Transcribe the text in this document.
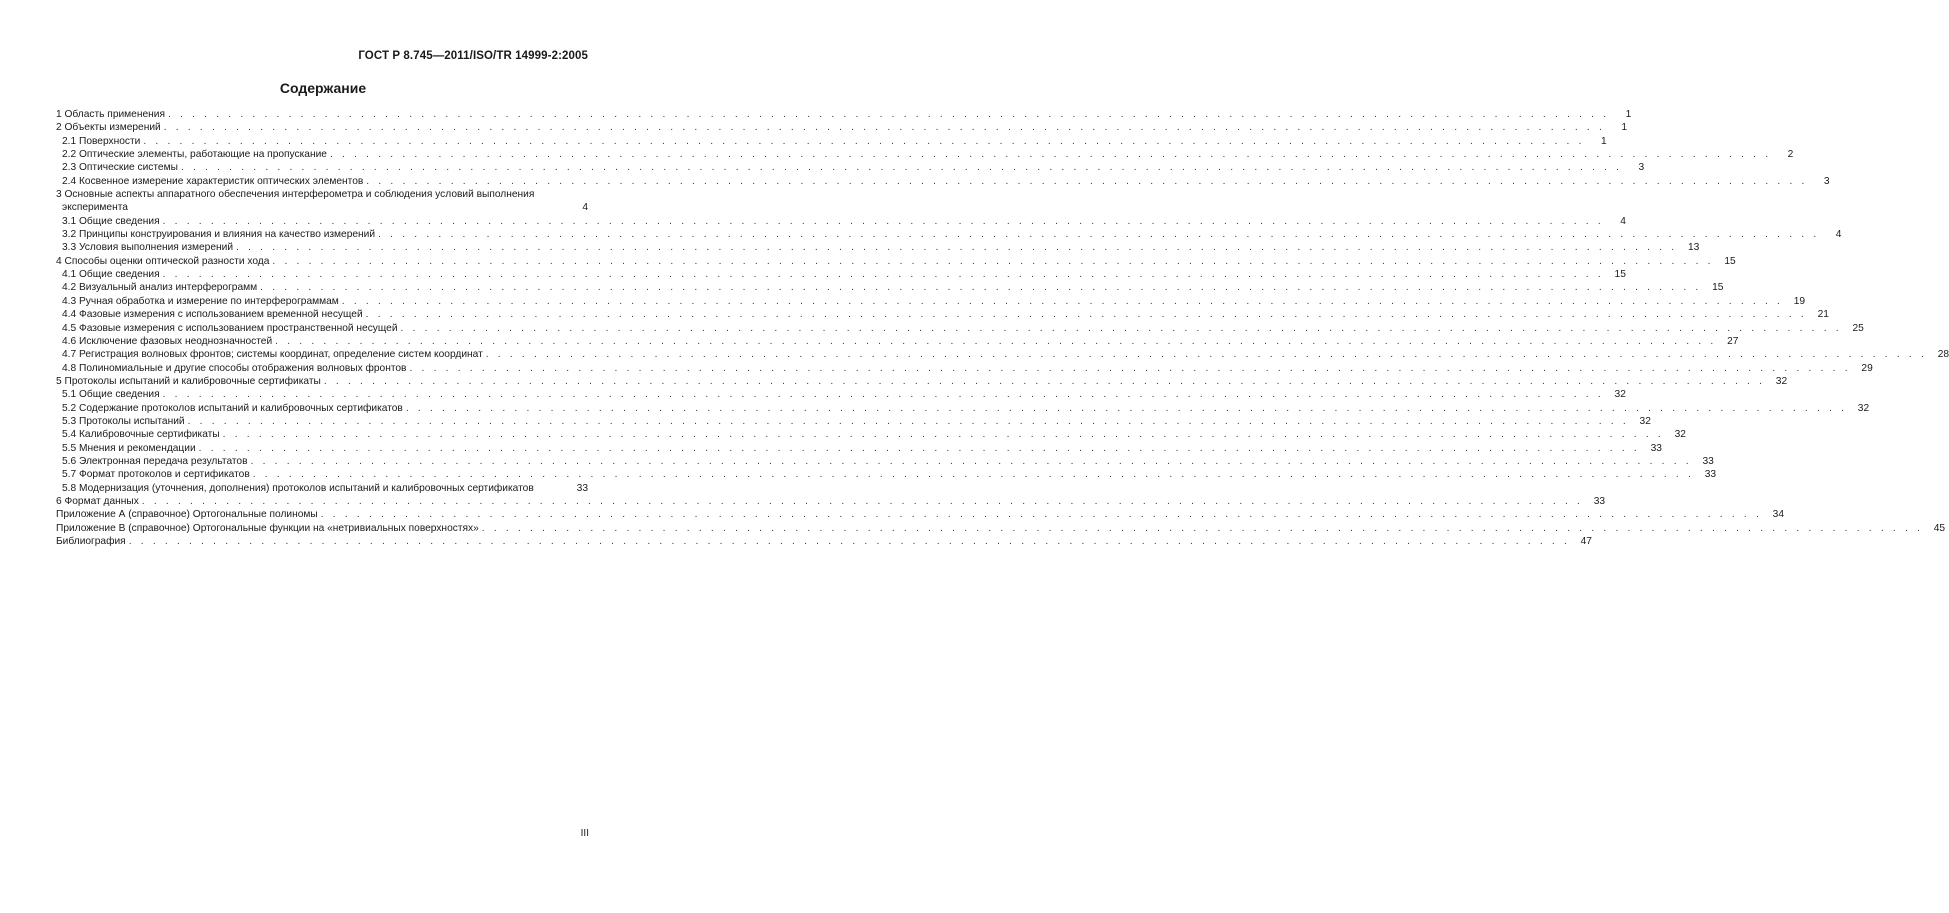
ГОСТ Р 8.745—2011/ISO/TR 14999-2:2005
Содержание
1 Область применения . . . . . . . . . . . . . . . . . . . . . . . . . . . . . . . . . . . . . . . . . . . . . . . . . . . . . . . . . . . . . . . . . . . . . . . . . . . . . . . . . . . . . . . . . . . . . . . . . . . . . . . . . . . . . . . . . . . . . . . .	1
2 Объекты измерений . . . . . . . . . . . . . . . . . . . . . . . . . . . . . . . . . . . . . . . . . . . . . . . . . . . . . . . . . . . . . . . . . . . . . . . . . . . . . . . . . . . . . . . . . . . . . . . . . . . . . . . . . . . . . . . . . . . . . . . .	1
2.1 Поверхности . . . . . . . . . . . . . . . . . . . . . . . . . . . . . . . . . . . . . . . . . . . . . . . . . . . . . . . . . . . . . . . . . . . . . . . . . . . . . . . . . . . . . . . . . . . . . . . . . . . . . . . . . . . . . . . . . . . . . . . .	1
2.2 Оптические элементы, работающие на пропускание . . . . . . . . . . . . . . . . . . . . . . . . . . . . . . . . . . . . . . . . . . . . . . . . . . . . . . . . . . . . . . . . . . . . . . . . . . . . . . . . . . . . . . . . . . . . . . . . . . . . . . . . . . . . . . . . . . . . . . . .	2
2.3 Оптические системы . . . . . . . . . . . . . . . . . . . . . . . . . . . . . . . . . . . . . . . . . . . . . . . . . . . . . . . . . . . . . . . . . . . . . . . . . . . . . . . . . . . . . . . . . . . . . . . . . . . . . . . . . . . . . . . . . . . . . . . .	3
2.4 Косвенное измерение характеристик оптических элементов . . . . . . . . . . . . . . . . . . . . . . . . . . . . . . . . . . . . . . . . . . . . . . . . . . . . . . . . . . . . . . . . . . . . . . . . . . . . . . . . . . . . . . . . . . . . . . . . . . . . . . . . . . . . . . . . . . . . . . . .	3
3 Основные аспекты аппаратного обеспечения интерферометра и соблюдения условий выполнения
эксперимента	4
3.1 Общие сведения . . . . . . . . . . . . . . . . . . . . . . . . . . . . . . . . . . . . . . . . . . . . . . . . . . . . . . . . . . . . . . . . . . . . . . . . . . . . . . . . . . . . . . . . . . . . . . . . . . . . . . . . . . . . . . . . . . . . . . . .	4
3.2 Принципы конструирования и влияния на качество измерений . . . . . . . . . . . . . . . . . . . . . . . . . . . . . . . . . . . . . . . . . . . . . . . . . . . . . . . . . . . . . . . . . . . . . . . . . . . . . . . . . . . . . . . . . . . . . . . . . . . . . . . . . . . . . . . . . . . . . . . .	4
3.3 Условия выполнения измерений . . . . . . . . . . . . . . . . . . . . . . . . . . . . . . . . . . . . . . . . . . . . . . . . . . . . . . . . . . . . . . . . . . . . . . . . . . . . . . . . . . . . . . . . . . . . . . . . . . . . . . . . . . . . . . . . . . . . . . . .	13
4 Способы оценки оптической разности хода . . . . . . . . . . . . . . . . . . . . . . . . . . . . . . . . . . . . . . . . . . . . . . . . . . . . . . . . . . . . . . . . . . . . . . . . . . . . . . . . . . . . . . . . . . . . . . . . . . . . . . . . . . . . . . . . . . . . . . . .	15
4.1 Общие сведения . . . . . . . . . . . . . . . . . . . . . . . . . . . . . . . . . . . . . . . . . . . . . . . . . . . . . . . . . . . . . . . . . . . . . . . . . . . . . . . . . . . . . . . . . . . . . . . . . . . . . . . . . . . . . . . . . . . . . . . .	15
4.2 Визуальный анализ интерферограмм . . . . . . . . . . . . . . . . . . . . . . . . . . . . . . . . . . . . . . . . . . . . . . . . . . . . . . . . . . . . . . . . . . . . . . . . . . . . . . . . . . . . . . . . . . . . . . . . . . . . . . . . . . . . . . . . . . . . . . . .	15
4.3 Ручная обработка и измерение по интерферограммам . . . . . . . . . . . . . . . . . . . . . . . . . . . . . . . . . . . . . . . . . . . . . . . . . . . . . . . . . . . . . . . . . . . . . . . . . . . . . . . . . . . . . . . . . . . . . . . . . . . . . . . . . . . . . . . . . . . . . . . .	19
4.4 Фазовые измерения с использованием временной несущей . . . . . . . . . . . . . . . . . . . . . . . . . . . . . . . . . . . . . . . . . . . . . . . . . . . . . . . . . . . . . . . . . . . . . . . . . . . . . . . . . . . . . . . . . . . . . . . . . . . . . . . . . . . . . . . . . . . . . . . .	21
4.5 Фазовые измерения с использованием пространственной несущей . . . . . . . . . . . . . . . . . . . . . . . . . . . . . . . . . . . . . . . . . . . . . . . . . . . . . . . . . . . . . . . . . . . . . . . . . . . . . . . . . . . . . . . . . . . . . . . . . . . . . . . . . . . . . . . . . . . . . . . .	25
4.6 Исключение фазовых неоднозначностей . . . . . . . . . . . . . . . . . . . . . . . . . . . . . . . . . . . . . . . . . . . . . . . . . . . . . . . . . . . . . . . . . . . . . . . . . . . . . . . . . . . . . . . . . . . . . . . . . . . . . . . . . . . . . . . . . . . . . . . .	27
4.7 Регистрация волновых фронтов; системы координат, определение систем координат . . . . . . . . . . . . . . . . . . . . . . . . . . . . . . . . . . . . . . . . . . . . . . . . . . . . . . . . . . . . . . . . . . . . . . . . . . . . . . . . . . . . . . . . . . . . . . . . . . . . . . . . . . . . . . . . . . . . . . . .	28
4.8 Полиномиальные и другие способы отображения волновых фронтов . . . . . . . . . . . . . . . . . . . . . . . . . . . . . . . . . . . . . . . . . . . . . . . . . . . . . . . . . . . . . . . . . . . . . . . . . . . . . . . . . . . . . . . . . . . . . . . . . . . . . . . . . . . . . . . . . . . . . . . .	29
5 Протоколы испытаний и калибровочные сертификаты . . . . . . . . . . . . . . . . . . . . . . . . . . . . . . . . . . . . . . . . . . . . . . . . . . . . . . . . . . . . . . . . . . . . . . . . . . . . . . . . . . . . . . . . . . . . . . . . . . . . . . . . . . . . . . . . . . . . . . . .	32
5.1 Общие сведения . . . . . . . . . . . . . . . . . . . . . . . . . . . . . . . . . . . . . . . . . . . . . . . . . . . . . . . . . . . . . . . . . . . . . . . . . . . . . . . . . . . . . . . . . . . . . . . . . . . . . . . . . . . . . . . . . . . . . . . .	32
5.2 Содержание протоколов испытаний и калибровочных сертификатов . . . . . . . . . . . . . . . . . . . . . . . . . . . . . . . . . . . . . . . . . . . . . . . . . . . . . . . . . . . . . . . . . . . . . . . . . . . . . . . . . . . . . . . . . . . . . . . . . . . . . . . . . . . . . . . . . . . . . . . .	32
5.3 Протоколы испытаний . . . . . . . . . . . . . . . . . . . . . . . . . . . . . . . . . . . . . . . . . . . . . . . . . . . . . . . . . . . . . . . . . . . . . . . . . . . . . . . . . . . . . . . . . . . . . . . . . . . . . . . . . . . . . . . . . . . . . . . .	32
5.4 Калибровочные сертификаты . . . . . . . . . . . . . . . . . . . . . . . . . . . . . . . . . . . . . . . . . . . . . . . . . . . . . . . . . . . . . . . . . . . . . . . . . . . . . . . . . . . . . . . . . . . . . . . . . . . . . . . . . . . . . . . . . . . . . . . .	32
5.5 Мнения и рекомендации . . . . . . . . . . . . . . . . . . . . . . . . . . . . . . . . . . . . . . . . . . . . . . . . . . . . . . . . . . . . . . . . . . . . . . . . . . . . . . . . . . . . . . . . . . . . . . . . . . . . . . . . . . . . . . . . . . . . . . . .	33
5.6 Электронная передача результатов . . . . . . . . . . . . . . . . . . . . . . . . . . . . . . . . . . . . . . . . . . . . . . . . . . . . . . . . . . . . . . . . . . . . . . . . . . . . . . . . . . . . . . . . . . . . . . . . . . . . . . . . . . . . . . . . . . . . . . . .	33
5.7 Формат протоколов и сертификатов . . . . . . . . . . . . . . . . . . . . . . . . . . . . . . . . . . . . . . . . . . . . . . . . . . . . . . . . . . . . . . . . . . . . . . . . . . . . . . . . . . . . . . . . . . . . . . . . . . . . . . . . . . . . . . . . . . . . . . . .	33
5.8 Модернизация (уточнения, дополнения) протоколов испытаний и калибровочных сертификатов	33
6 Формат данных . . . . . . . . . . . . . . . . . . . . . . . . . . . . . . . . . . . . . . . . . . . . . . . . . . . . . . . . . . . . . . . . . . . . . . . . . . . . . . . . . . . . . . . . . . . . . . . . . . . . . . . . . . . . . . . . . . . . . . . .	33
Приложение А (справочное) Ортогональные полиномы . . . . . . . . . . . . . . . . . . . . . . . . . . . . . . . . . . . . . . . . . . . . . . . . . . . . . . . . . . . . . . . . . . . . . . . . . . . . . . . . . . . . . . . . . . . . . . . . . . . . . . . . . . . . . . . . . . . . . . . .	34
Приложение В (справочное) Ортогональные функции на «нетривиальных поверхностях» . . . . . . . . . . . . . . . . . . . . . . . . . . . . . . . . . . . . . . . . . . . . . . . . . . . . . . . . . . . . . . . . . . . . . . . . . . . . . . . . . . . . . . . . . . . . . . . . . . . . . . . . . . . . . . . . . . . . . . . .	45
Библиография . . . . . . . . . . . . . . . . . . . . . . . . . . . . . . . . . . . . . . . . . . . . . . . . . . . . . . . . . . . . . . . . . . . . . . . . . . . . . . . . . . . . . . . . . . . . . . . . . . . . . . . . . . . . . . . . . . . . . . . .	47
III
